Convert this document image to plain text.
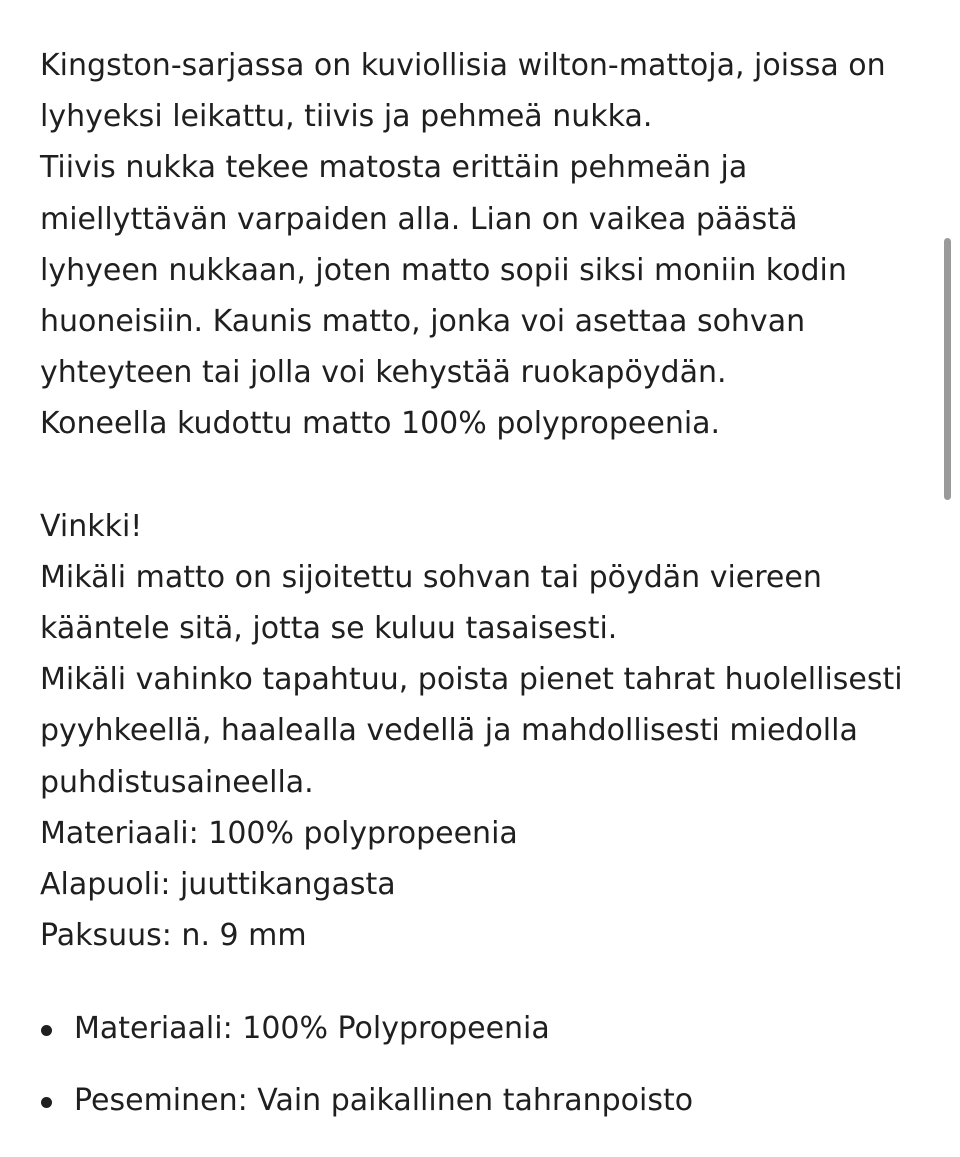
Kingston-sarjassa on kuviollisia wilton-mattoja, joissa on
lyhyeksi leikattu, tiivis ja pehmeä nukka.
Tiivis nukka tekee matosta erittäin pehmeän ja
miellyttävän varpaiden alla. Lian on vaikea päästä
lyhyeen nukkaan, joten matto sopii siksi moniin kodin
huoneisiin. Kaunis matto, jonka voi asettaa sohvan
yhteyteen tai jolla voi kehystää ruokapöydän.
Koneella kudottu matto 100% polypropeenia.

Vinkki!
Mikäli matto on sijoitettu sohvan tai pöydän viereen
kääntele sitä, jotta se kuluu tasaisesti.
Mikäli vahinko tapahtuu, poista pienet tahrat huolellisesti
pyyhkeellä, haalealla vedellä ja mahdollisesti miedolla
puhdistusaineella.
Materiaali: 100% polypropeenia
Alapuoli: juuttikangasta
Paksuus: n. 9 mm

Materiaali: 100% Polypropeenia
Peseminen: Vain paikallinen tahranpoisto
